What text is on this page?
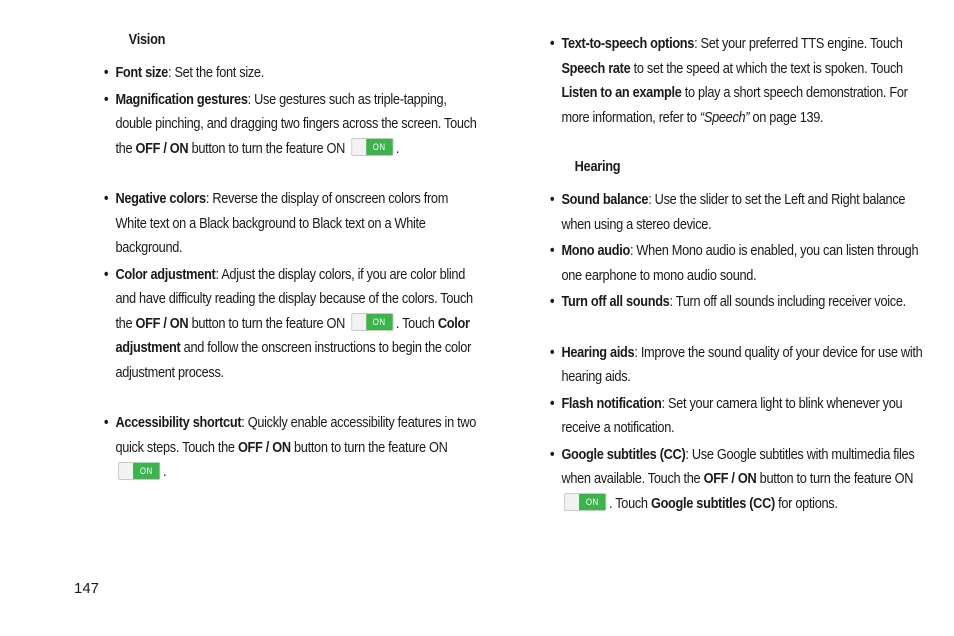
Vision
• Font size: Set the font size.
• Magnification gestures: Use gestures such as triple-tapping, double pinching, and dragging two fingers across the screen. Touch the OFF / ON button to turn the feature ON	ON .
• Negative colors: Reverse the display of onscreen colors from White text on a Black background to Black text on a White background.
• Color adjustment: Adjust the display colors, if you are color blind and have difficulty reading the display because of the colors. Touch the OFF / ON button to turn the feature ON	ON . Touch Color adjustment and follow the onscreen instructions to begin the color adjustment process.
• Accessibility shortcut: Quickly enable accessibility features in two quick steps. Touch the OFF / ON button to turn the feature ON
ON .
• Text-to-speech options: Set your preferred TTS engine. Touch Speech rate to set the speed at which the text is spoken. Touch Listen to an example to play a short speech demonstration. For more information, refer to “Speech” on page 139.
Hearing
• Sound balance: Use the slider to set the Left and Right balance when using a stereo device.
• Mono audio: When Mono audio is enabled, you can listen through one earphone to mono audio sound.
• Turn off all sounds: Turn off all sounds including receiver voice.
• Hearing aids: Improve the sound quality of your device for use with hearing aids.
• Flash notification: Set your camera light to blink whenever you receive a notification.
• Google subtitles (CC): Use Google subtitles with multimedia files when available. Touch the OFF / ON button to turn the feature ON
ON . Touch Google subtitles (CC) for options.
147
